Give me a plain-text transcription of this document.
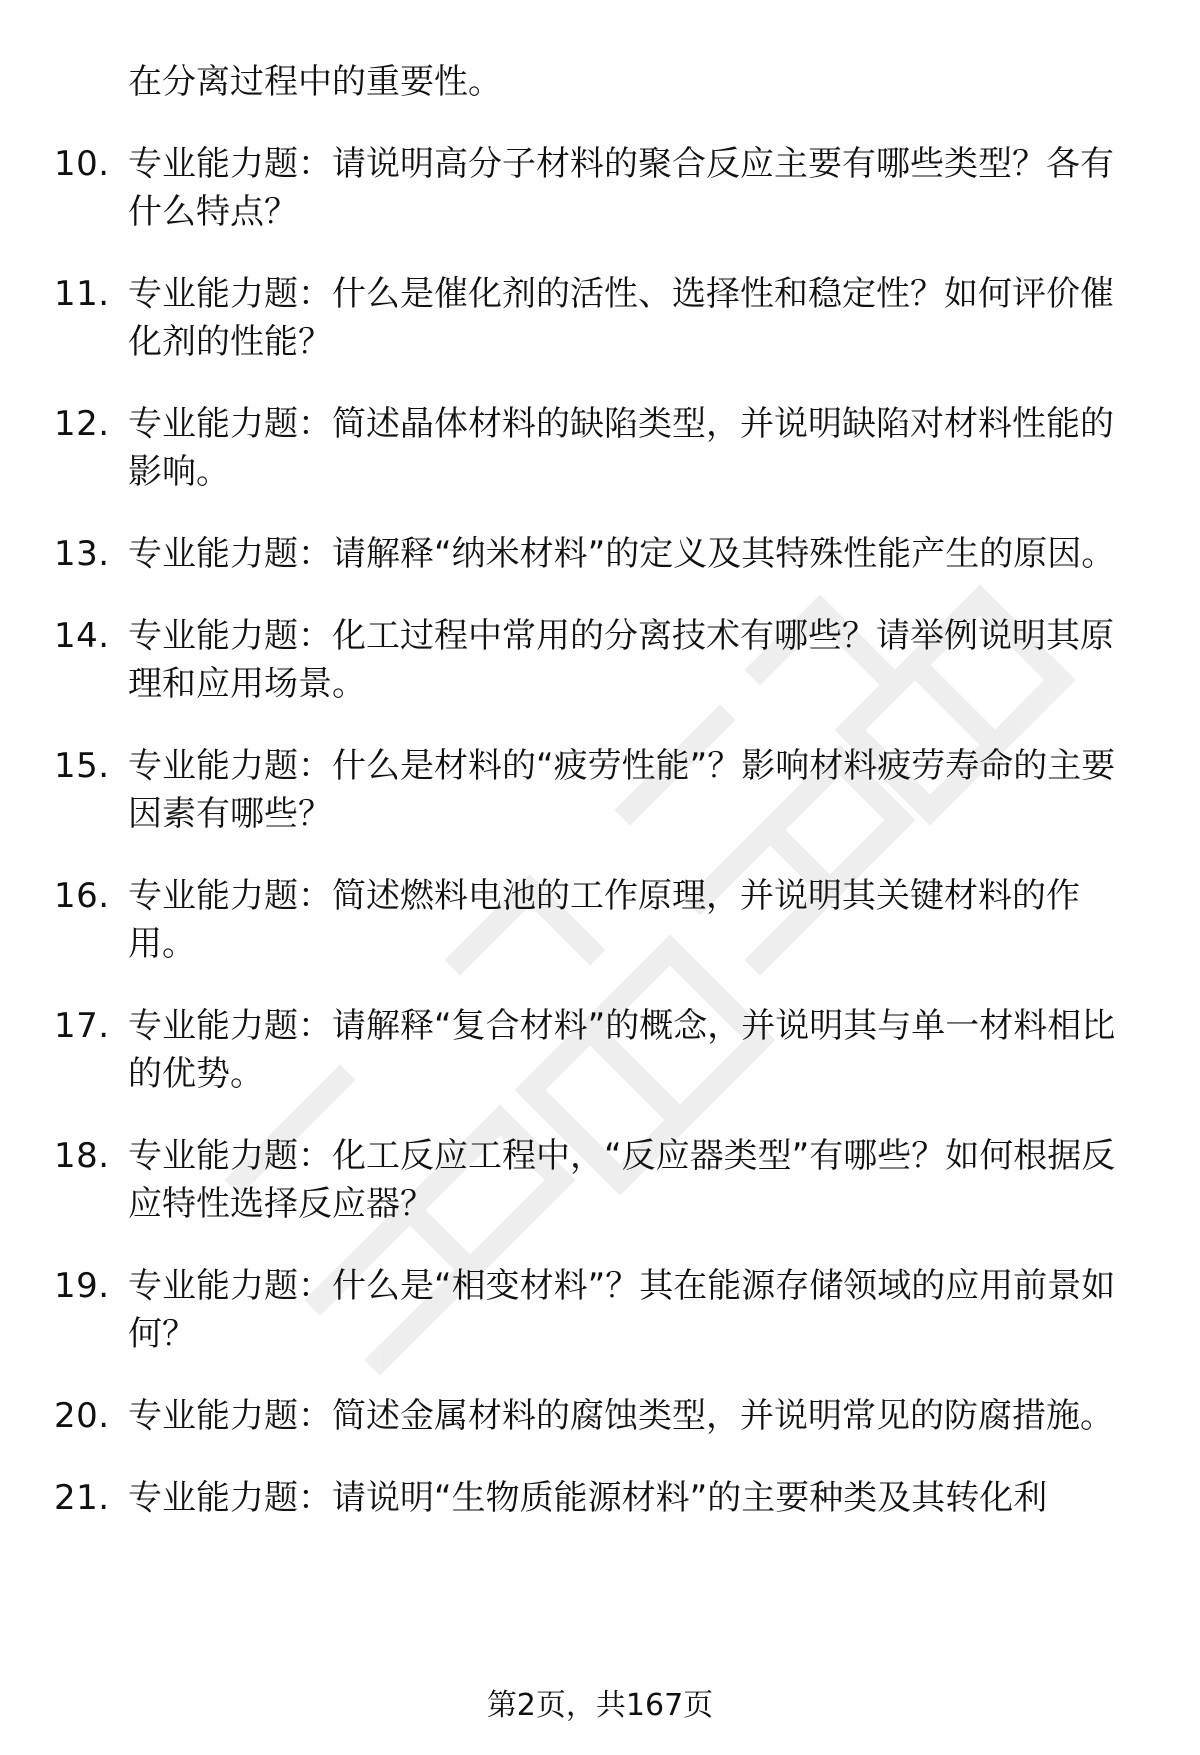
在分离过程中的重要性。
10. 专业能力题：请说明高分子材料的聚合反应主要有哪些类型？各有什么特点？
11. 专业能力题：什么是催化剂的活性、选择性和稳定性？如何评价催化剂的性能？
12. 专业能力题：简述晶体材料的缺陷类型，并说明缺陷对材料性能的影响。
13. 专业能力题：请解释“纳米材料”的定义及其特殊性能产生的原因。
14. 专业能力题：化工过程中常用的分离技术有哪些？请举例说明其原理和应用场景。
15. 专业能力题：什么是材料的“疲劳性能”？影响材料疲劳寿命的主要因素有哪些？
16. 专业能力题：简述燃料电池的工作原理，并说明其关键材料的作用。
17. 专业能力题：请解释“复合材料”的概念，并说明其与单一材料相比的优势。
18. 专业能力题：化工反应工程中，“反应器类型”有哪些？如何根据反应特性选择反应器？
19. 专业能力题：什么是“相变材料”？其在能源存储领域的应用前景如何？
20. 专业能力题：简述金属材料的腐蚀类型，并说明常见的防腐措施。
21. 专业能力题：请说明“生物质能源材料”的主要种类及其转化利
第2页，共167页
